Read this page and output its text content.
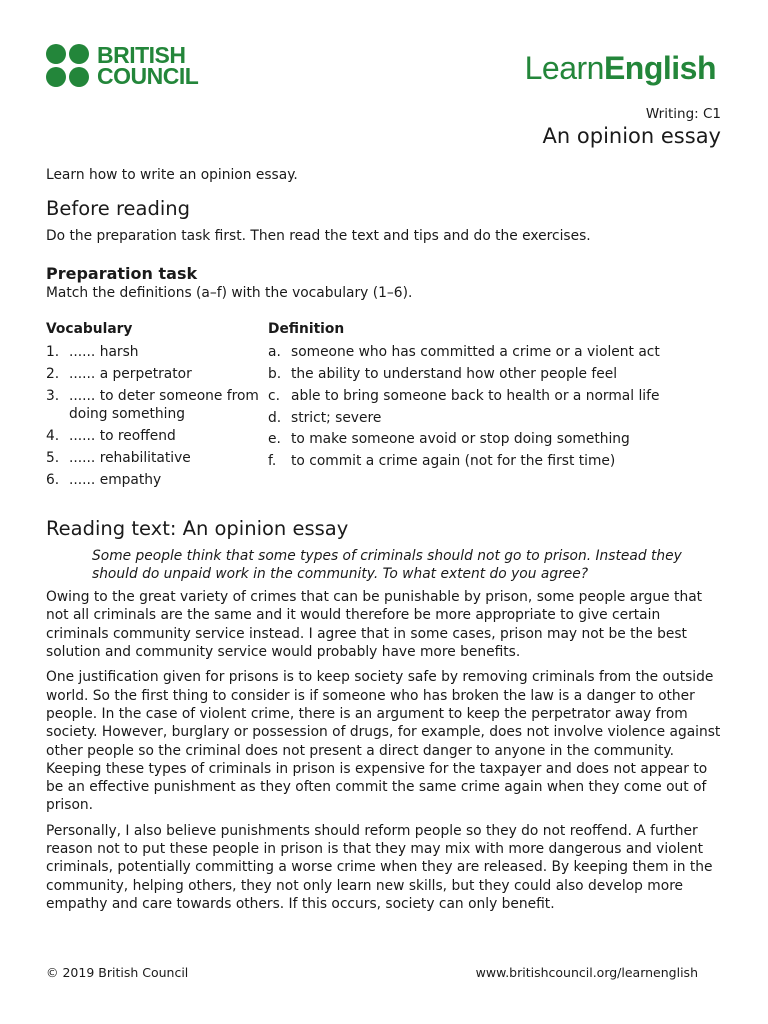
BRITISH
COUNCIL	LearnEnglish
Writing: C1
An opinion essay

Learn how to write an opinion essay.

Before reading

Do the preparation task first. Then read the text and tips and do the exercises.

Preparation task

Match the definitions (a–f) with the vocabulary (1–6).

Vocabulary
1. ...... harsh
2. ...... a perpetrator
3. ...... to deter someone from doing something
4. ...... to reoffend
5. ...... rehabilitative
6. ...... empathy
Definition
a. someone who has committed a crime or a violent act
b. the ability to understand how other people feel
c. able to bring someone back to health or a normal life
d. strict; severe
e. to make someone avoid or stop doing something
f.	to commit a crime again (not for the first time)
Reading text: An opinion essay

Some people think that some types of criminals should not go to prison. Instead they should do unpaid work in the community. To what extent do you agree?

Owing to the great variety of crimes that can be punishable by prison, some people argue that not all criminals are the same and it would therefore be more appropriate to give certain criminals community service instead. I agree that in some cases, prison may not be the best solution and community service would probably have more benefits.

One justification given for prisons is to keep society safe by removing criminals from the outside world. So the first thing to consider is if someone who has broken the law is a danger to other people. In the case of violent crime, there is an argument to keep the perpetrator away from society. However, burglary or possession of drugs, for example, does not involve violence against other people so the criminal does not present a direct danger to anyone in the community. Keeping these types of criminals in prison is expensive for the taxpayer and does not appear to be an effective punishment as they often commit the same crime again when they come out of prison.

Personally, I also believe punishments should reform people so they do not reoffend. A further reason not to put these people in prison is that they may mix with more dangerous and violent criminals, potentially committing a worse crime when they are released. By keeping them in the community, helping others, they not only learn new skills, but they could also develop more empathy and care towards others. If this occurs, society can only benefit.

© 2019 British Council	www.britishcouncil.org/learnenglish
